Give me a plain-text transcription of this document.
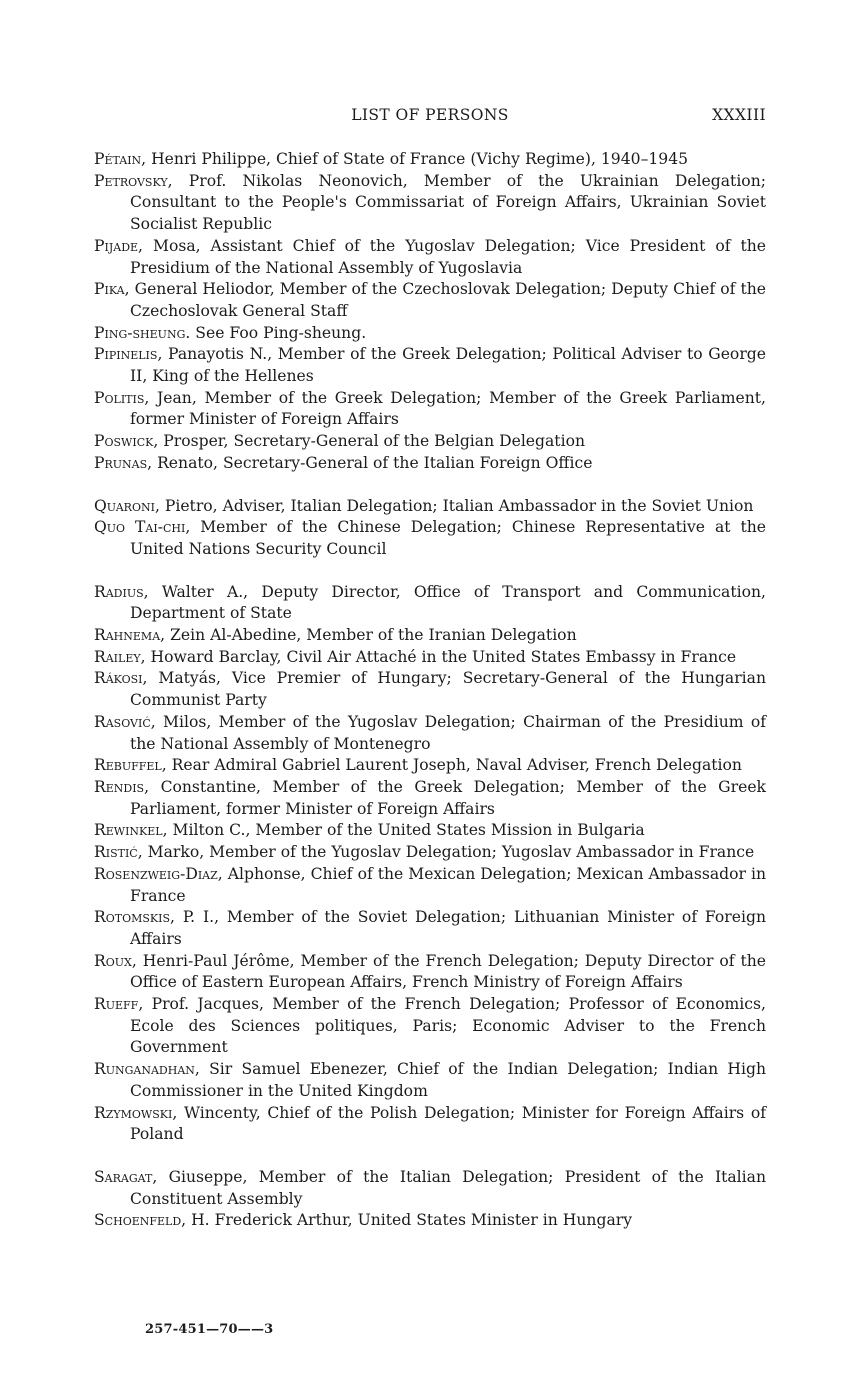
LIST OF PERSONS	XXXIII

Pétain, Henri Philippe, Chief of State of France (Vichy Regime), 1940–1945

Petrovsky, Prof. Nikolas Neonovich, Member of the Ukrainian Delegation; Consultant to the People's Commissariat of Foreign Affairs, Ukrainian Soviet Socialist Republic

Pijade, Mosa, Assistant Chief of the Yugoslav Delegation; Vice President of the Presidium of the National Assembly of Yugoslavia

Pika, General Heliodor, Member of the Czechoslovak Delegation; Deputy Chief of the Czechoslovak General Staff

Ping-sheung. See Foo Ping-sheung.

Pipinelis, Panayotis N., Member of the Greek Delegation; Political Adviser to George II, King of the Hellenes

Politis, Jean, Member of the Greek Delegation; Member of the Greek Parliament, former Minister of Foreign Affairs

Poswick, Prosper, Secretary-General of the Belgian Delegation

Prunas, Renato, Secretary-General of the Italian Foreign Office

Quaroni, Pietro, Adviser, Italian Delegation; Italian Ambassador in the Soviet Union

Quo Tai-chi, Member of the Chinese Delegation; Chinese Representative at the United Nations Security Council

Radius, Walter A., Deputy Director, Office of Transport and Communication, Department of State

Rahnema, Zein Al-Abedine, Member of the Iranian Delegation

Railey, Howard Barclay, Civil Air Attaché in the United States Embassy in France

Rákosi, Matyás, Vice Premier of Hungary; Secretary-General of the Hungarian Communist Party

Rasović, Milos, Member of the Yugoslav Delegation; Chairman of the Presidium of the National Assembly of Montenegro

Rebuffel, Rear Admiral Gabriel Laurent Joseph, Naval Adviser, French Delegation

Rendis, Constantine, Member of the Greek Delegation; Member of the Greek Parliament, former Minister of Foreign Affairs

Rewinkel, Milton C., Member of the United States Mission in Bulgaria

Ristić, Marko, Member of the Yugoslav Delegation; Yugoslav Ambassador in France

Rosenzweig-Diaz, Alphonse, Chief of the Mexican Delegation; Mexican Ambassador in France

Rotomskis, P. I., Member of the Soviet Delegation; Lithuanian Minister of Foreign Affairs

Roux, Henri-Paul Jérôme, Member of the French Delegation; Deputy Director of the Office of Eastern European Affairs, French Ministry of Foreign Affairs

Rueff, Prof. Jacques, Member of the French Delegation; Professor of Economics, Ecole des Sciences politiques, Paris; Economic Adviser to the French Government

Runganadhan, Sir Samuel Ebenezer, Chief of the Indian Delegation; Indian High Commissioner in the United Kingdom

Rzymowski, Wincenty, Chief of the Polish Delegation; Minister for Foreign Affairs of Poland

Saragat, Giuseppe, Member of the Italian Delegation; President of the Italian Constituent Assembly

Schoenfeld, H. Frederick Arthur, United States Minister in Hungary

257-451—70——3
